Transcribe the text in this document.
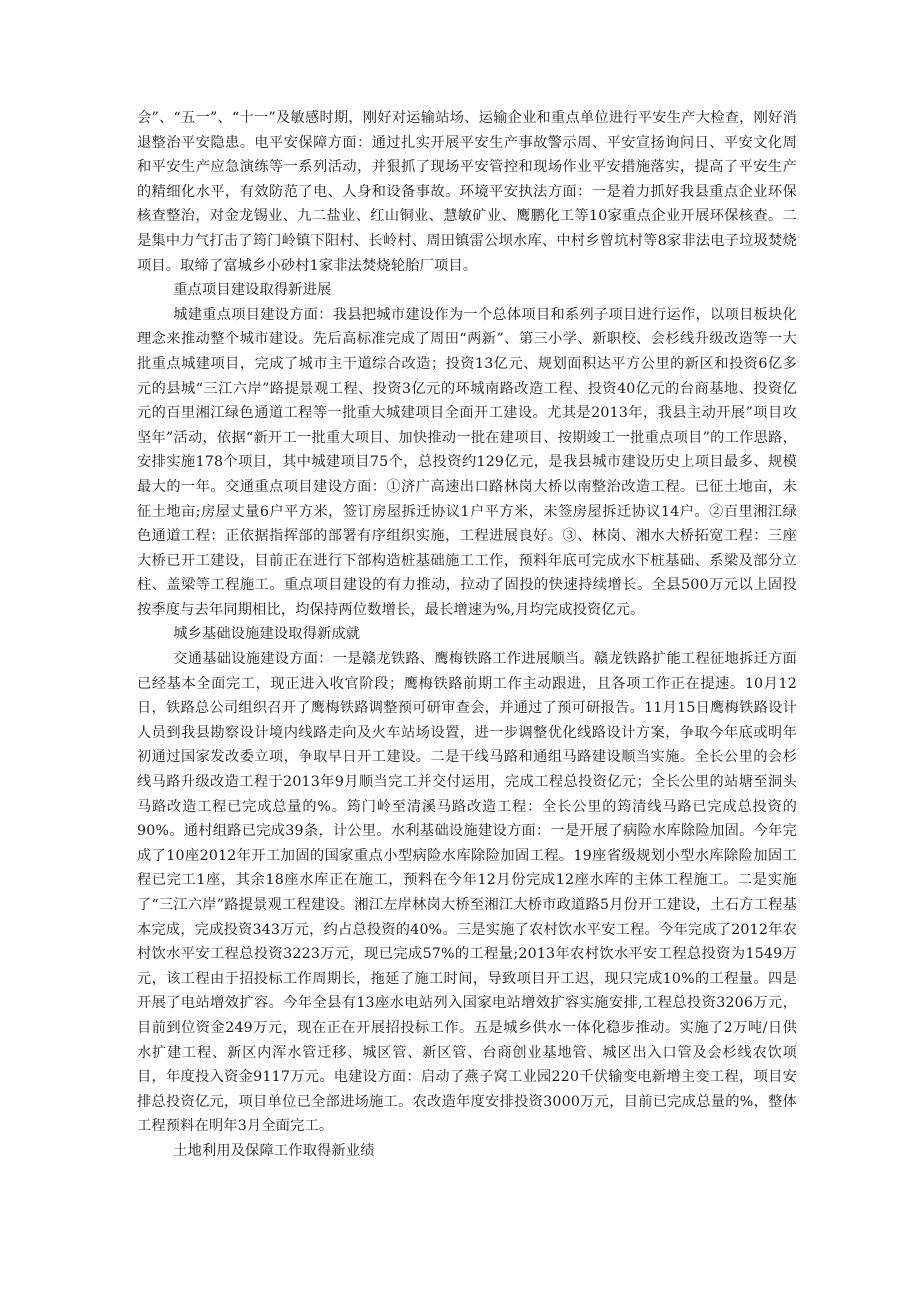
会”、“五一”、“十一”及敏感时期，刚好对运输站场、运输企业和重点单位进行平安生产大检查，刚好消退整治平安隐患。电平安保障方面：通过扎实开展平安生产事故警示周、平安宣扬询问日、平安文化周和平安生产应急演练等一系列活动，并狠抓了现场平安管控和现场作业平安措施落实，提高了平安生产的精细化水平，有效防范了电、人身和设备事故。环境平安执法方面：一是着力抓好我县重点企业环保核查整治，对金龙锡业、九二盐业、红山铜业、慧敏矿业、鹰鹏化工等10家重点企业开展环保核查。二是集中力气打击了筠门岭镇下阳村、长岭村、周田镇雷公坝水库、中村乡曾坑村等8家非法电子垃圾焚烧项目。取缔了富城乡小砂村1家非法焚烧轮胎厂项目。

重点项目建设取得新进展

城建重点项目建设方面：我县把城市建设作为一个总体项目和系列子项目进行运作，以项目板块化理念来推动整个城市建设。先后高标准完成了周田“两新”、第三小学、新职校、会杉线升级改造等一大批重点城建项目，完成了城市主干道综合改造；投资13亿元、规划面积达平方公里的新区和投资6亿多元的县城“三江六岸”路提景观工程、投资3亿元的环城南路改造工程、投资40亿元的台商基地、投资亿元的百里湘江绿色通道工程等一批重大城建项目全面开工建设。尤其是2013年，我县主动开展”项目攻坚年”活动，依据“新开工一批重大项目、加快推动一批在建项目、按期竣工一批重点项目”的工作思路，安排实施178个项目，其中城建项目75个，总投资约129亿元，是我县城市建设历史上项目最多、规模最大的一年。交通重点项目建设方面：①济广高速出口路林岗大桥以南整治改造工程。已征土地亩，未征土地亩;房屋丈量6户平方米，签订房屋拆迁协议1户平方米，未签房屋拆迁协议14户。②百里湘江绿色通道工程：正依据指挥部的部署有序组织实施，工程进展良好。③、林岗、湘水大桥拓宽工程：三座大桥已开工建设，目前正在进行下部构造桩基础施工工作，预料年底可完成水下桩基础、系梁及部分立柱、盖梁等工程施工。重点项目建设的有力推动，拉动了固投的快速持续增长。全县500万元以上固投按季度与去年同期相比，均保持两位数增长，最长增速为%,月均完成投资亿元。

城乡基础设施建设取得新成就

交通基础设施建设方面：一是赣龙铁路、鹰梅铁路工作进展顺当。赣龙铁路扩能工程征地拆迁方面已经基本全面完工，现正进入收官阶段；鹰梅铁路前期工作主动跟进，且各项工作正在提速。10月12日，铁路总公司组织召开了鹰梅铁路调整预可研审查会，并通过了预可研报告。11月15日鹰梅铁路设计人员到我县勘察设计境内线路走向及火车站场设置，进一步调整优化线路设计方案，争取今年底或明年初通过国家发改委立项，争取早日开工建设。二是干线马路和通组马路建设顺当实施。全长公里的会杉线马路升级改造工程于2013年9月顺当完工并交付运用，完成工程总投资亿元；全长公里的站塘至洞头马路改造工程已完成总量的%。筠门岭至清溪马路改造工程：全长公里的筠清线马路已完成总投资的90%。通村组路已完成39条，计公里。水利基础设施建设方面：一是开展了病险水库除险加固。今年完成了10座2012年开工加固的国家重点小型病险水库除险加固工程。19座省级规划小型水库除险加固工程已完工1座，其余18座水库正在施工，预料在今年12月份完成12座水库的主体工程施工。二是实施了“三江六岸”路提景观工程建设。湘江左岸林岗大桥至湘江大桥市政道路5月份开工建设，土石方工程基本完成，完成投资343万元，约占总投资的40%。三是实施了农村饮水平安工程。今年完成了2012年农村饮水平安工程总投资3223万元，现已完成57%的工程量;2013年农村饮水平安工程总投资为1549万元，该工程由于招投标工作周期长，拖延了施工时间，导致项目开工迟，现只完成10%的工程量。四是开展了电站增效扩容。今年全县有13座水电站列入国家电站增效扩容实施安排,工程总投资3206万元，目前到位资金249万元，现在正在开展招投标工作。五是城乡供水一体化稳步推动。实施了2万吨/日供水扩建工程、新区内浑水管迁移、城区管、新区管、台商创业基地管、城区出入口管及会杉线农饮项目，年度投入资金9117万元。电建设方面：启动了燕子窝工业园220千伏输变电新增主变工程，项目安排总投资亿元，项目单位已全部进场施工。农改造年度安排投资3000万元，目前已完成总量的%，整体工程预料在明年3月全面完工。

土地利用及保障工作取得新业绩
